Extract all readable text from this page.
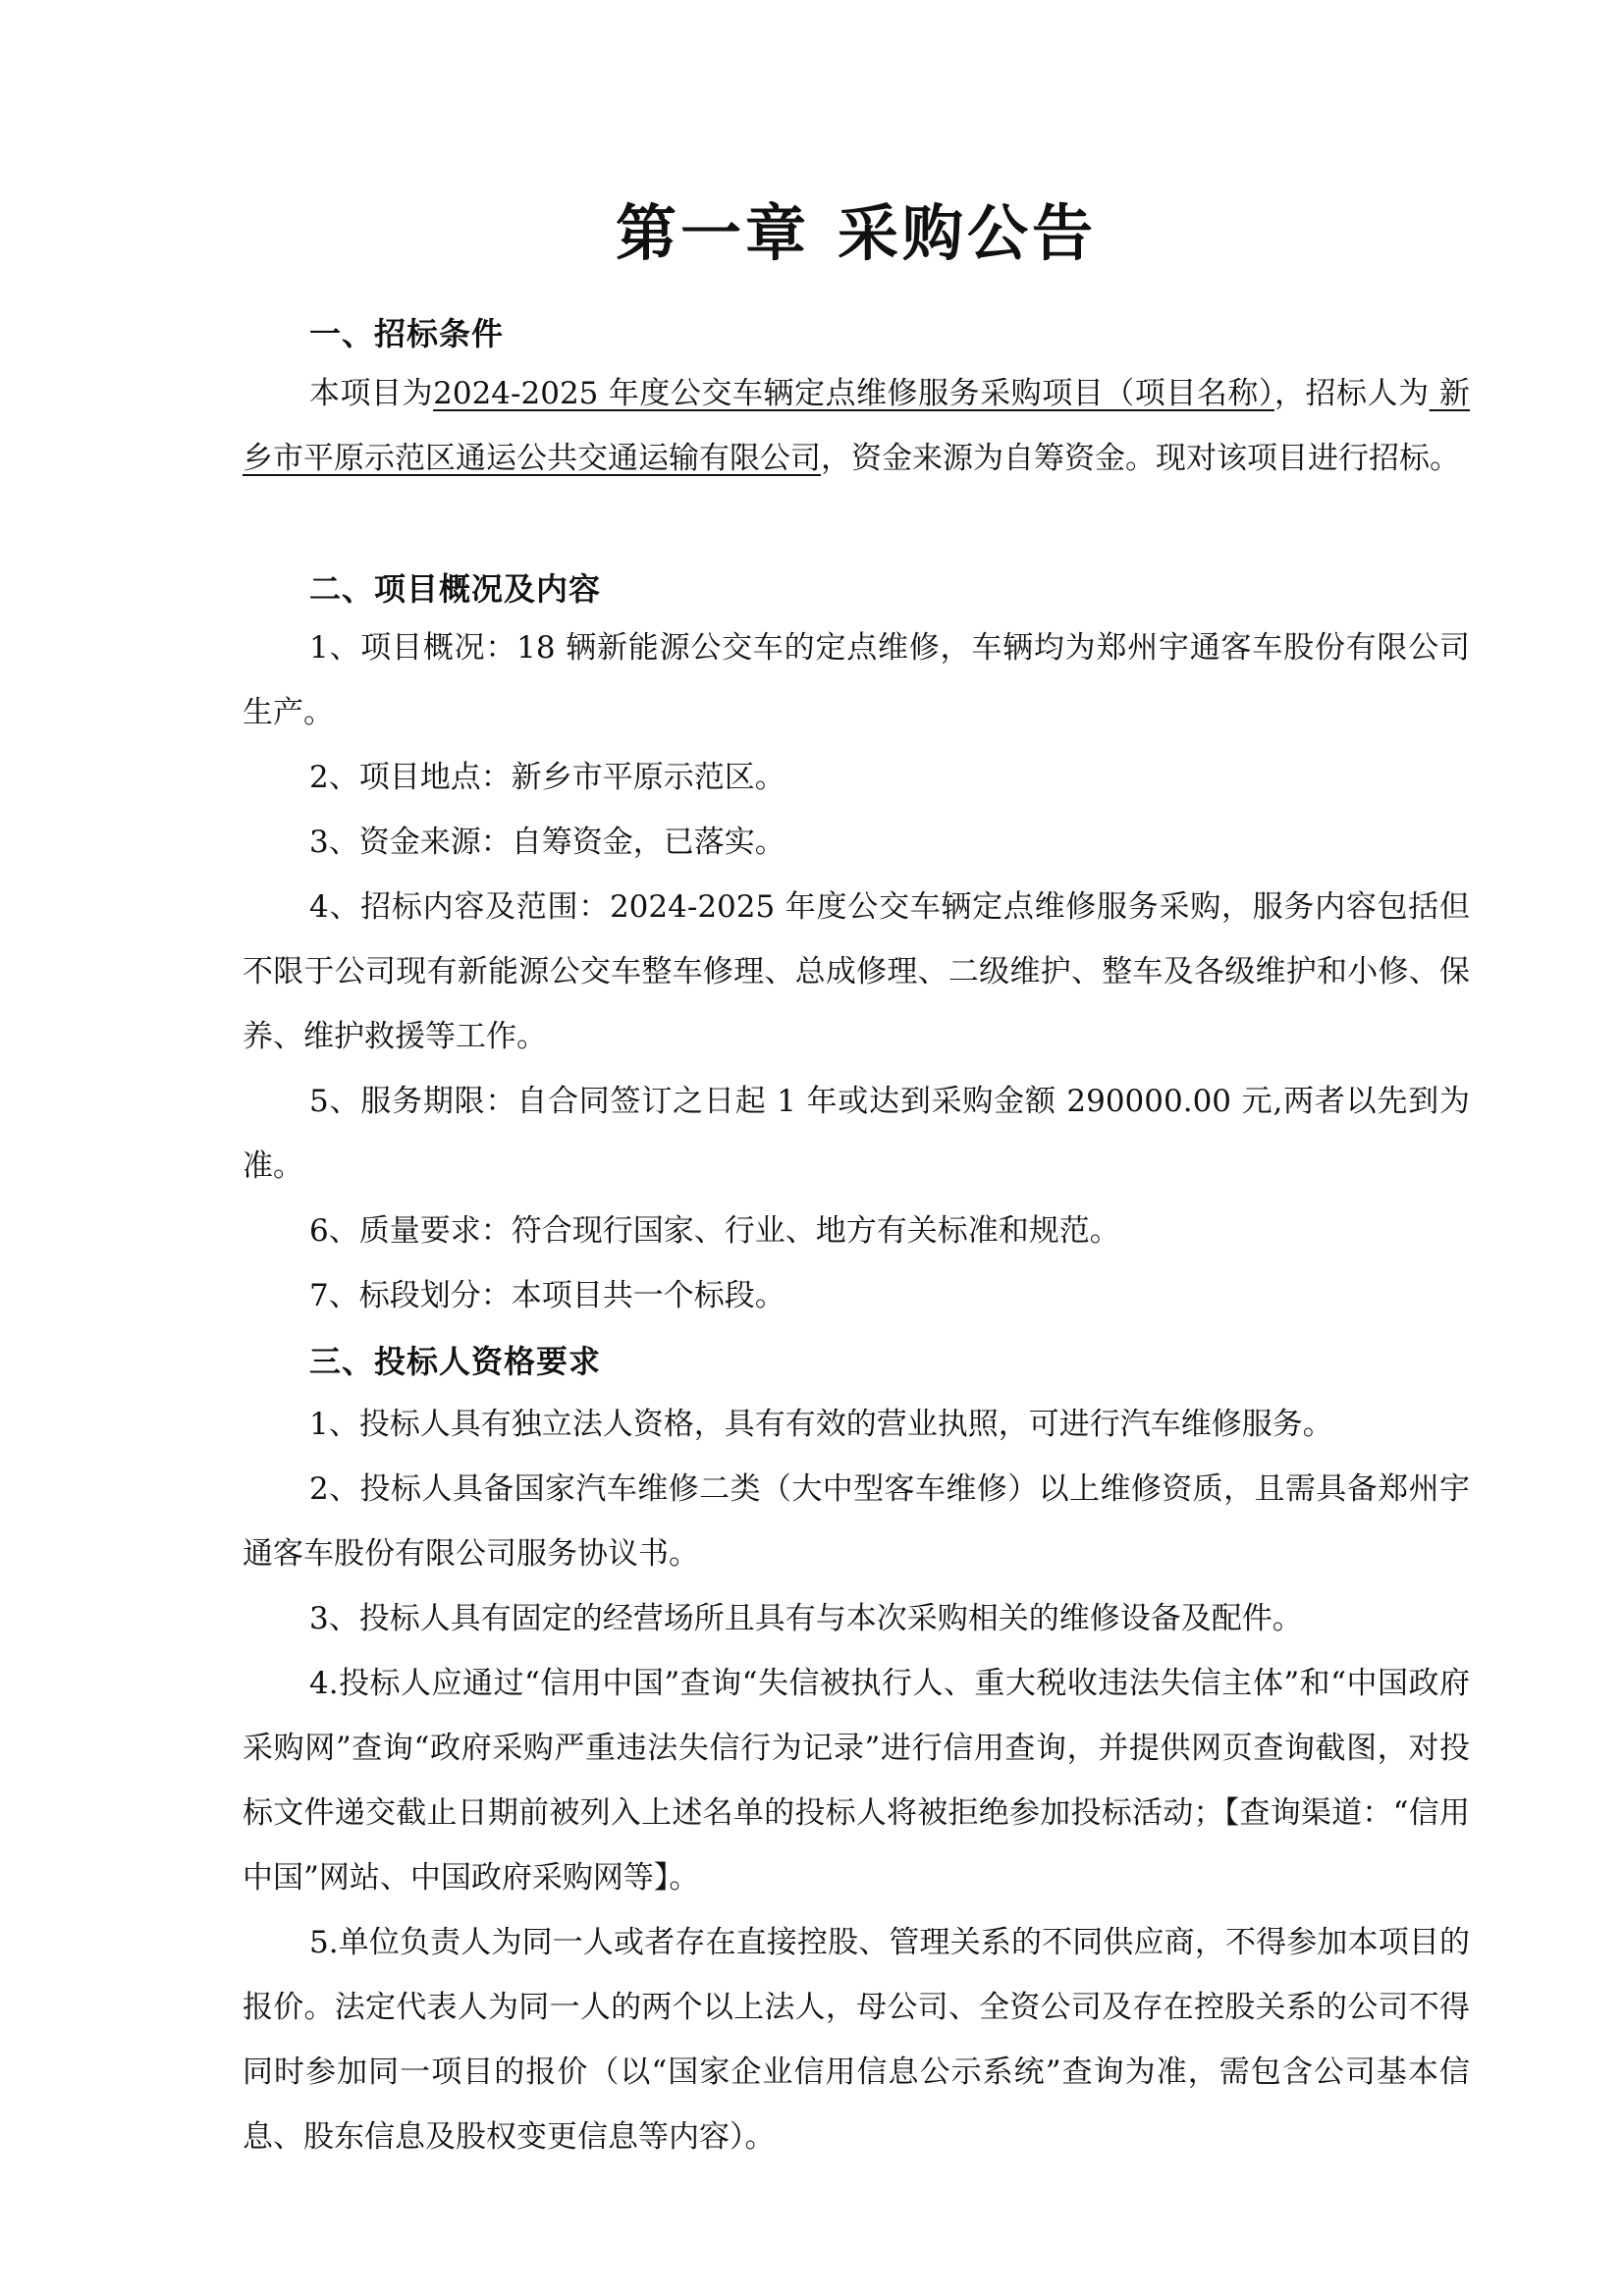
第一章 采购公告
一、招标条件

本项目为2024-2025 年度公交车辆定点维修服务采购项目（项目名称），招标人为 新乡市平原示范区通运公共交通运输有限公司，资金来源为自筹资金。现对该项目进行招标。

二、项目概况及内容

1、项目概况：18 辆新能源公交车的定点维修，车辆均为郑州宇通客车股份有限公司生产。

2、项目地点：新乡市平原示范区。

3、资金来源：自筹资金，已落实。

4、招标内容及范围：2024-2025 年度公交车辆定点维修服务采购，服务内容包括但不限于公司现有新能源公交车整车修理、总成修理、二级维护、整车及各级维护和小修、保养、维护救援等工作。

5、服务期限：自合同签订之日起 1 年或达到采购金额 290000.00 元,两者以先到为准。

6、质量要求：符合现行国家、行业、地方有关标准和规范。

7、标段划分：本项目共一个标段。

三、投标人资格要求

1、投标人具有独立法人资格，具有有效的营业执照，可进行汽车维修服务。

2、投标人具备国家汽车维修二类（大中型客车维修）以上维修资质，且需具备郑州宇通客车股份有限公司服务协议书。

3、投标人具有固定的经营场所且具有与本次采购相关的维修设备及配件。

4.投标人应通过“信用中国”查询“失信被执行人、重大税收违法失信主体”和“中国政府采购网”查询“政府采购严重违法失信行为记录”进行信用查询，并提供网页查询截图，对投标文件递交截止日期前被列入上述名单的投标人将被拒绝参加投标活动；【查询渠道：“信用中国”网站、中国政府采购网等】。

5.单位负责人为同一人或者存在直接控股、管理关系的不同供应商，不得参加本项目的报价。法定代表人为同一人的两个以上法人，母公司、全资公司及存在控股关系的公司不得同时参加同一项目的报价（以“国家企业信用信息公示系统”查询为准，需包含公司基本信息、股东信息及股权变更信息等内容）。
